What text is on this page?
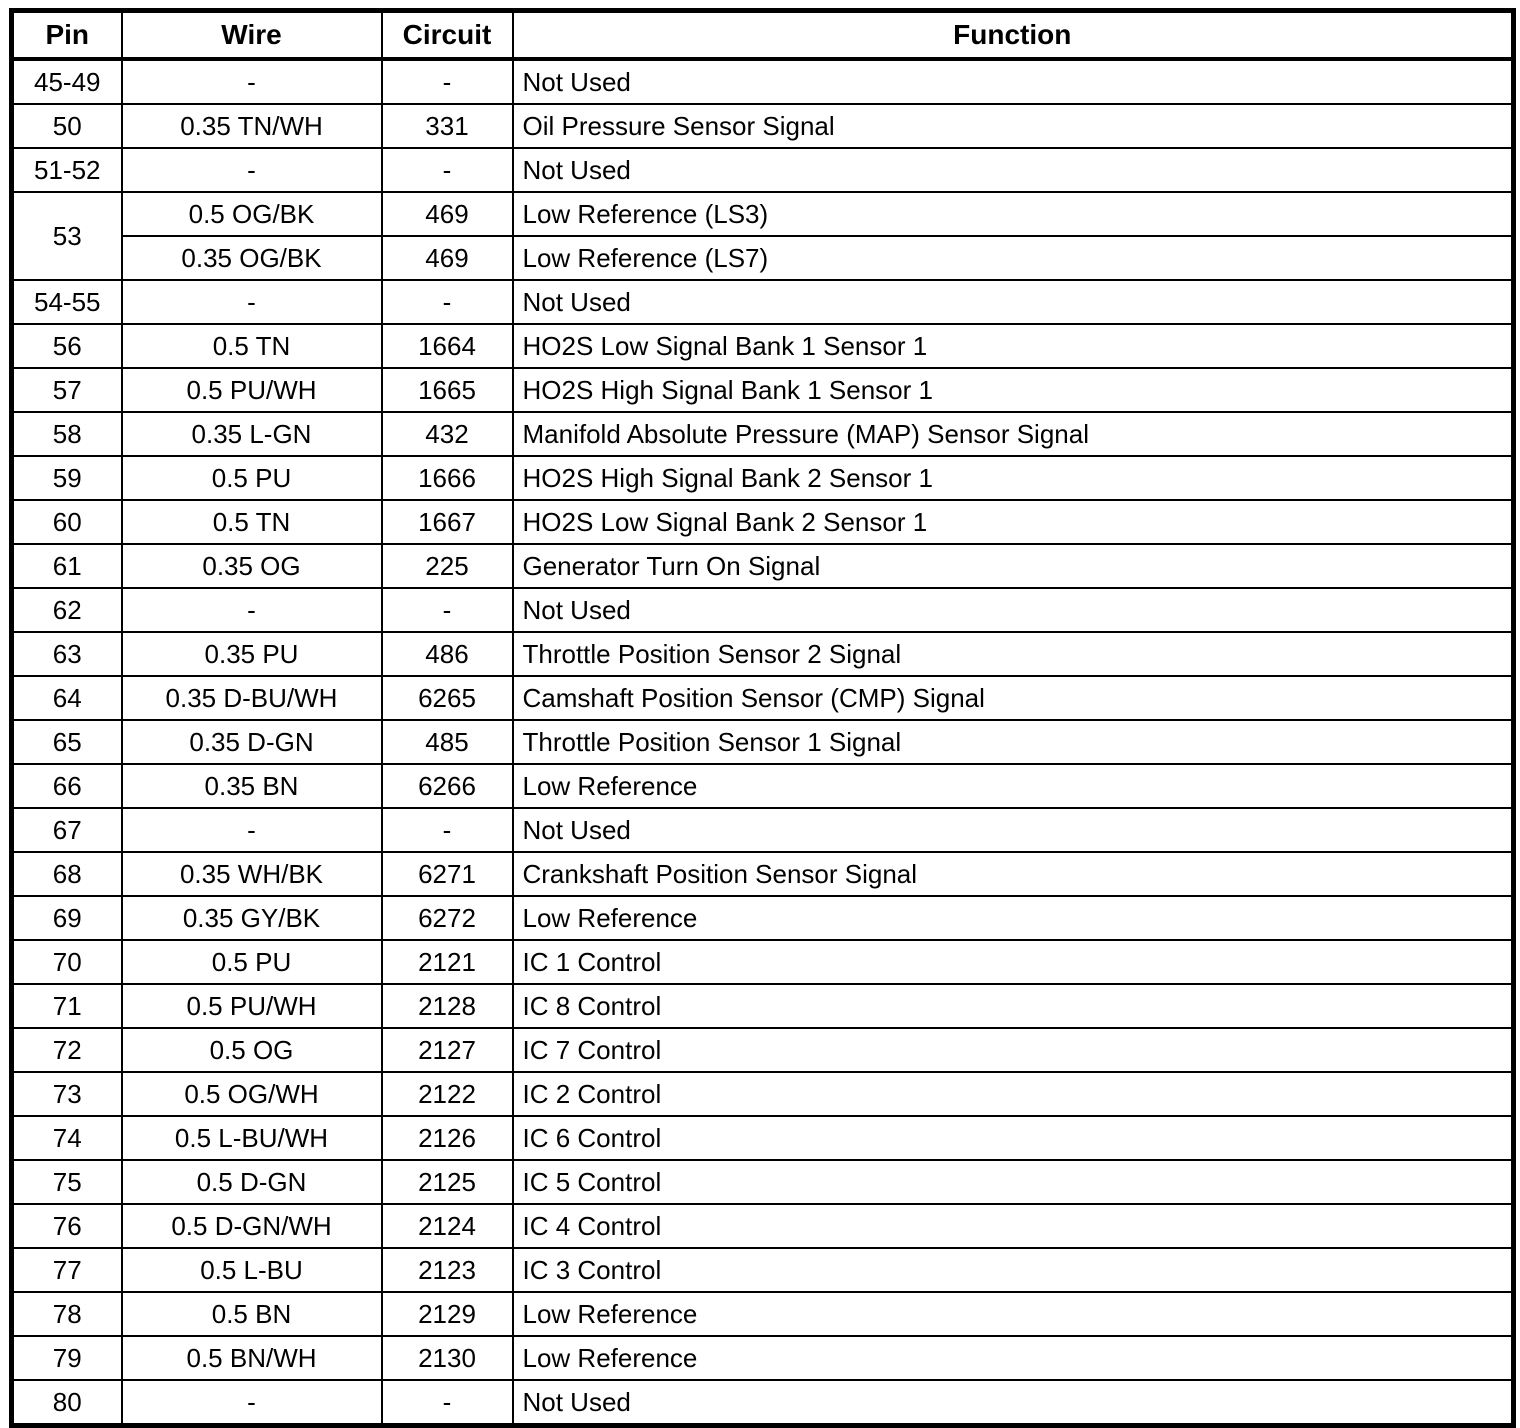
Pin	Wire	Circuit	Function
45-49	-	-	Not Used
50	0.35 TN/WH	331	Oil Pressure Sensor Signal
51-52	-	-	Not Used
53	0.5 OG/BK	469	Low Reference (LS3)
	0.35 OG/BK	469	Low Reference (LS7)
54-55	-	-	Not Used
56	0.5 TN	1664	HO2S Low Signal Bank 1 Sensor 1
57	0.5 PU/WH	1665	HO2S High Signal Bank 1 Sensor 1
58	0.35 L-GN	432	Manifold Absolute Pressure (MAP) Sensor Signal
59	0.5 PU	1666	HO2S High Signal Bank 2 Sensor 1
60	0.5 TN	1667	HO2S Low Signal Bank 2 Sensor 1
61	0.35 OG	225	Generator Turn On Signal
62	-	-	Not Used
63	0.35 PU	486	Throttle Position Sensor 2 Signal
64	0.35 D-BU/WH	6265	Camshaft Position Sensor (CMP) Signal
65	0.35 D-GN	485	Throttle Position Sensor 1 Signal
66	0.35 BN	6266	Low Reference
67	-	-	Not Used
68	0.35 WH/BK	6271	Crankshaft Position Sensor Signal
69	0.35 GY/BK	6272	Low Reference
70	0.5 PU	2121	IC 1 Control
71	0.5 PU/WH	2128	IC 8 Control
72	0.5 OG	2127	IC 7 Control
73	0.5 OG/WH	2122	IC 2 Control
74	0.5 L-BU/WH	2126	IC 6 Control
75	0.5 D-GN	2125	IC 5 Control
76	0.5 D-GN/WH	2124	IC 4 Control
77	0.5 L-BU	2123	IC 3 Control
78	0.5 BN	2129	Low Reference
79	0.5 BN/WH	2130	Low Reference
80	-	-	Not Used
